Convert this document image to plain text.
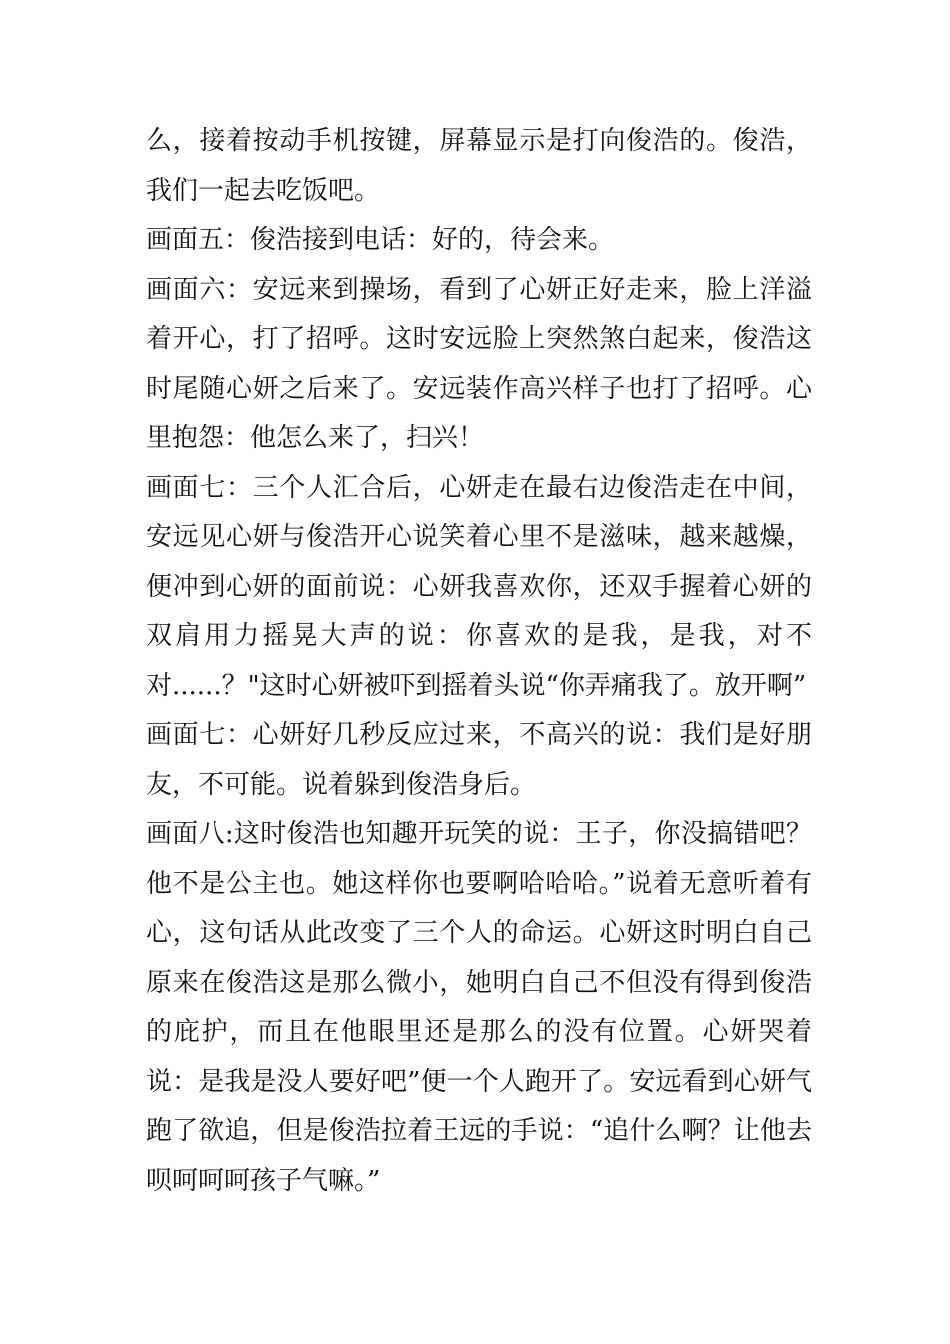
么，接着按动手机按键，屏幕显示是打向俊浩的。俊浩，我们一起去吃饭吧。

画面五：俊浩接到电话：好的，待会来。

画面六：安远来到操场，看到了心妍正好走来，脸上洋溢着开心，打了招呼。这时安远脸上突然煞白起来，俊浩这时尾随心妍之后来了。安远装作高兴样子也打了招呼。心里抱怨：他怎么来了，扫兴！

画面七：三个人汇合后，心妍走在最右边俊浩走在中间，安远见心妍与俊浩开心说笑着心里不是滋味，越来越燥，便冲到心妍的面前说：心妍我喜欢你，还双手握着心妍的双肩用力摇晃大声的说：你喜欢的是我，是我，对不对......？"这时心妍被吓到摇着头说“你弄痛我了。放开啊”

画面七：心妍好几秒反应过来，不高兴的说：我们是好朋友，不可能。说着躲到俊浩身后。

画面八:这时俊浩也知趣开玩笑的说：王子，你没搞错吧？他不是公主也。她这样你也要啊哈哈哈。”说着无意听着有心，这句话从此改变了三个人的命运。心妍这时明白自己原来在俊浩这是那么微小，她明白自己不但没有得到俊浩的庇护，而且在他眼里还是那么的没有位置。心妍哭着说：是我是没人要好吧”便一个人跑开了。安远看到心妍气跑了欲追，但是俊浩拉着王远的手说：“追什么啊？让他去呗呵呵呵孩子气嘛。”
